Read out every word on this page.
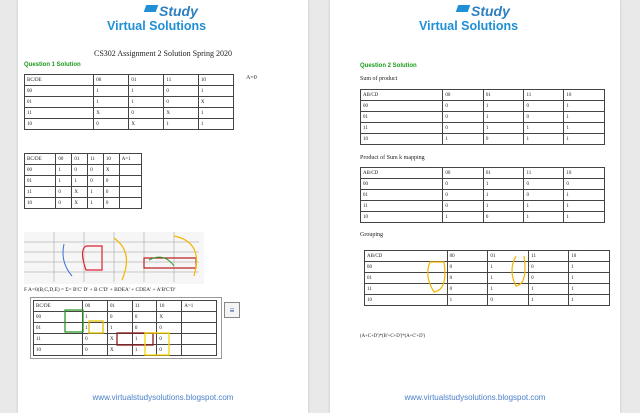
Study
Virtual Solutions
CS302 Assignment 2 Solution Spring 2020
Question 1 Solution
BC/DE	00	01	11	10
00	1	1	0	1
01	1	1	0	X
11	X	0	X	1
10	0	X	1	1
A=0
BC/DE	00	01	11	10	A=1
00	1	0	0	X	
01	1	1	0	0	
11	0	X	1	0	
10	0	X	1	0	
F A=0(B,C,D,E) = Σ= B'C' D' + B C'D' + BDEA' + CDEA' + A'B'C'D'
BC/DE	00	01	11	10	A=1
00	1	0	0	X	
01	1	1	0	0	
11	0	X	1	0	
10	0	X	1	0	
≡
www.virtualstudysolutions.blogspot.com
Study
Virtual Solutions
Question 2 Solution
Sum of product
AB/CD	00	01	11	10
00	0	1	0	1
01	0	1	0	1
11	0	1	1	1
10	1	0	1	1
Product of Sum k mapping
AB/CD	00	01	11	10
00	0	1	0	0
01	0	1	0	1
11	0	1	1	1
10	1	0	1	1
Grouping
AB/CD	00	01	11	10
00	0	1	0	1
01	0	1	0	1
11	0	1	1	1
10	1	0	1	1
(A+C+D')*(B'+C+D')*(A+C'+D')
www.virtualstudysolutions.blogspot.com
